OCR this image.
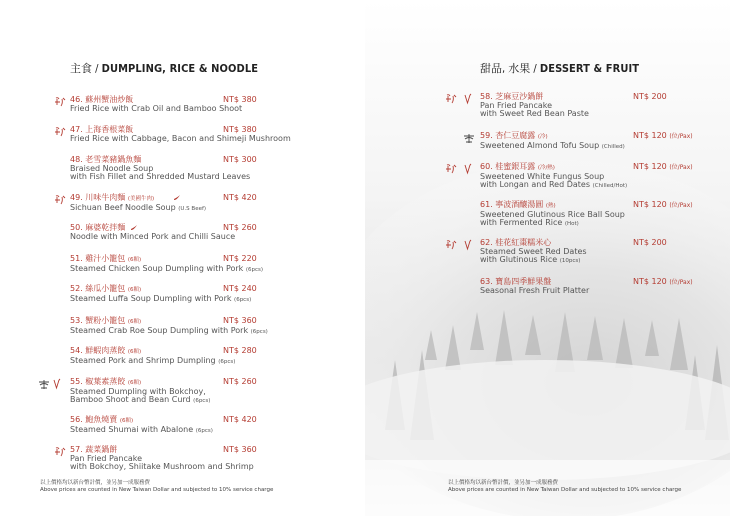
主食 / DUMPLING, RICE & NOODLE
46. 蘇州蟹油炒飯
Fried Rice with Crab Oil and Bamboo Shoot
NT$ 380
47. 上海香根菜飯
Fried Rice with Cabbage, Bacon and Shimeji Mushroom
NT$ 380
48. 老雪菜豬鍋魚麵
Braised Noodle Soup
with Fish Fillet and Shredded Mustard Leaves
NT$ 300
49. 川味牛肉麵 (美國牛肉)
Sichuan Beef Noodle Soup (U.S Beef)
NT$ 420
50. 麻婆乾拌麵
Noodle with Minced Pork and Chilli Sauce
NT$ 260
51. 雞汁小籠包 (6顆)
Steamed Chicken Soup Dumpling with Pork (6pcs)
NT$ 220
52. 絲瓜小籠包 (6顆)
Steamed Luffa Soup Dumpling with Pork (6pcs)
NT$ 240
53. 蟹粉小籠包 (6顆)
Steamed Crab Roe Soup Dumpling with Pork (6pcs)
NT$ 360
54. 鮮蝦肉蒸餃 (6顆)
Steamed Pork and Shrimp Dumpling (6pcs)
NT$ 280
55. 椒葉素蒸餃 (6顆)
Steamed Dumpling with Bokchoy,
Bamboo Shoot and Bean Curd (6pcs)
NT$ 260
56. 鮑魚燒賣 (6顆)
Steamed Shumai with Abalone (6pcs)
NT$ 420
57. 蔬菜鍋餅
Pan Fried Pancake
with Bokchoy, Shiitake Mushroom and Shrimp
NT$ 360
以上價格均以新台幣計價，並另加一成服務費
Above prices are counted in New Taiwan Dollar and subjected to 10% service charge
甜品, 水果 / DESSERT & FRUIT
58. 芝麻豆沙鍋餅
Pan Fried Pancake
with Sweet Red Bean Paste
NT$ 200
59. 杏仁豆腐露 (冷)
Sweetened Almond Tofu Soup (Chilled)
NT$ 120 (位/Pax)
60. 桂蜜銀耳露 (冷/熱)
Sweetened White Fungus Soup
with Longan and Red Dates (Chilled/Hot)
NT$ 120 (位/Pax)
61. 寧波酒釀湯圓 (熱)
Sweetened Glutinous Rice Ball Soup
with Fermented Rice (Hot)
NT$ 120 (位/Pax)
62. 桂花紅棗糯米心
Steamed Sweet Red Dates
with Glutinous Rice (10pcs)
NT$ 200
63. 寶島四季鮮果盤
Seasonal Fresh Fruit Platter
NT$ 120 (位/Pax)
以上價格均以新台幣計價，並另加一成服務費
Above prices are counted in New Taiwan Dollar and subjected to 10% service charge
